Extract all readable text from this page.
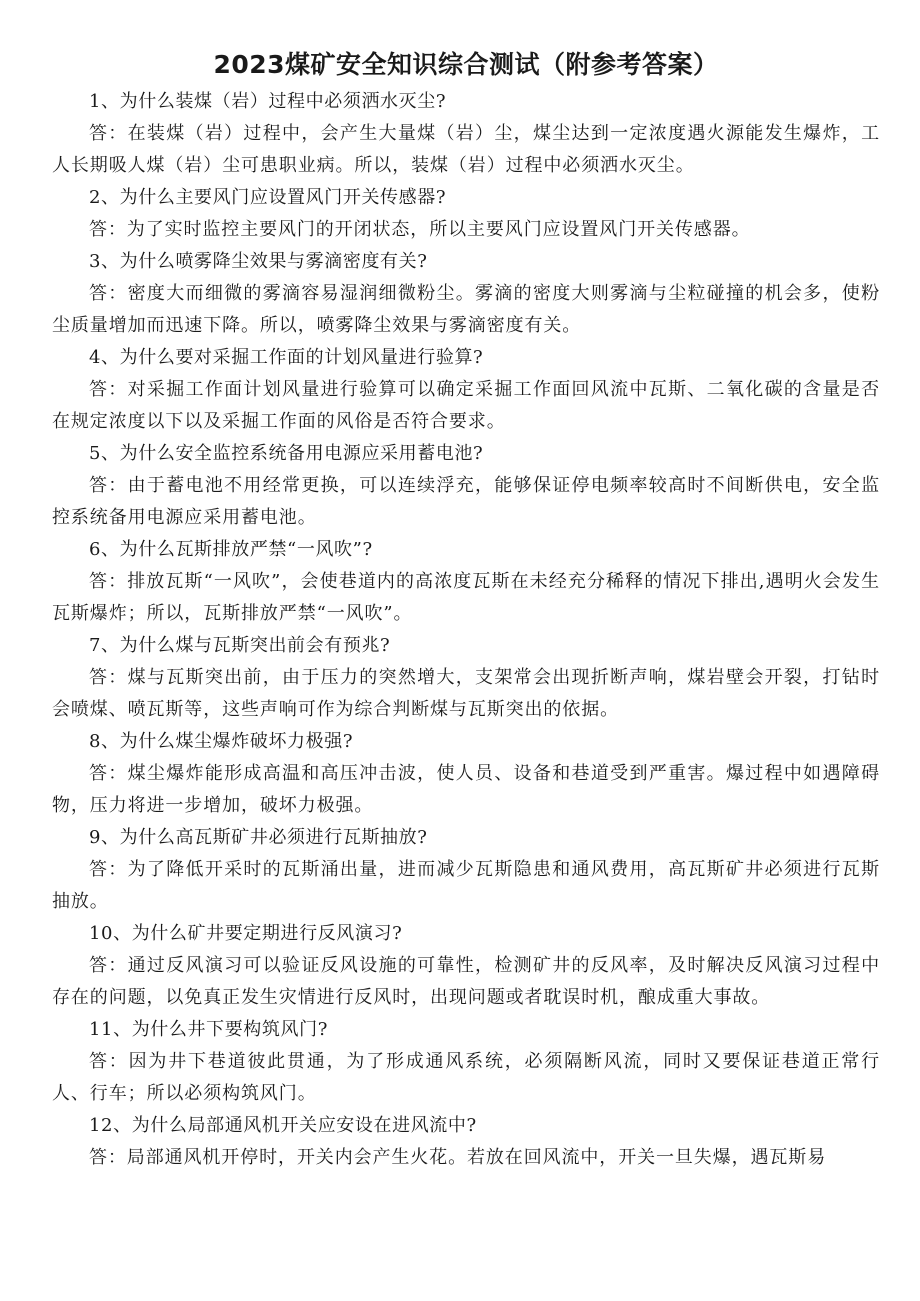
2023煤矿安全知识综合测试（附参考答案）

1、为什么装煤（岩）过程中必须洒水灭尘?

答：在装煤（岩）过程中，会产生大量煤（岩）尘，煤尘达到一定浓度遇火源能发生爆炸，工人长期吸人煤（岩）尘可患职业病。所以，装煤（岩）过程中必须洒水灭尘。

2、为什么主要风门应设置风门开关传感器?

答：为了实时监控主要风门的开闭状态，所以主要风门应设置风门开关传感器。

3、为什么喷雾降尘效果与雾滴密度有关?

答：密度大而细微的雾滴容易湿润细微粉尘。雾滴的密度大则雾滴与尘粒碰撞的机会多，使粉尘质量增加而迅速下降。所以，喷雾降尘效果与雾滴密度有关。

4、为什么要对采掘工作面的计划风量进行验算?

答：对采掘工作面计划风量进行验算可以确定采掘工作面回风流中瓦斯、二氧化碳的含量是否在规定浓度以下以及采掘工作面的风俗是否符合要求。

5、为什么安全监控系统备用电源应采用蓄电池?

答：由于蓄电池不用经常更换，可以连续浮充，能够保证停电频率较高时不间断供电，安全监控系统备用电源应采用蓄电池。

6、为什么瓦斯排放严禁“一风吹”?

答：排放瓦斯“一风吹”，会使巷道内的高浓度瓦斯在未经充分稀释的情况下排出,遇明火会发生瓦斯爆炸；所以，瓦斯排放严禁“一风吹”。

7、为什么煤与瓦斯突出前会有预兆?

答：煤与瓦斯突出前，由于压力的突然增大，支架常会出现折断声响，煤岩壁会开裂，打钻时会喷煤、喷瓦斯等，这些声响可作为综合判断煤与瓦斯突出的依据。

8、为什么煤尘爆炸破坏力极强?

答：煤尘爆炸能形成高温和高压冲击波，使人员、设备和巷道受到严重害。爆过程中如遇障碍物，压力将进一步增加，破坏力极强。

9、为什么高瓦斯矿井必须进行瓦斯抽放?

答：为了降低开采时的瓦斯涌出量，进而减少瓦斯隐患和通风费用，高瓦斯矿井必须进行瓦斯抽放。

10、为什么矿井要定期进行反风演习?

答：通过反风演习可以验证反风设施的可靠性，检测矿井的反风率，及时解决反风演习过程中存在的问题，以免真正发生灾情进行反风时，出现问题或者耽误时机，酿成重大事故。

11、为什么井下要构筑风门?

答：因为井下巷道彼此贯通，为了形成通风系统，必须隔断风流，同时又要保证巷道正常行人、行车；所以必须构筑风门。

12、为什么局部通风机开关应安设在进风流中?

答：局部通风机开停时，开关内会产生火花。若放在回风流中，开关一旦失爆，遇瓦斯易
